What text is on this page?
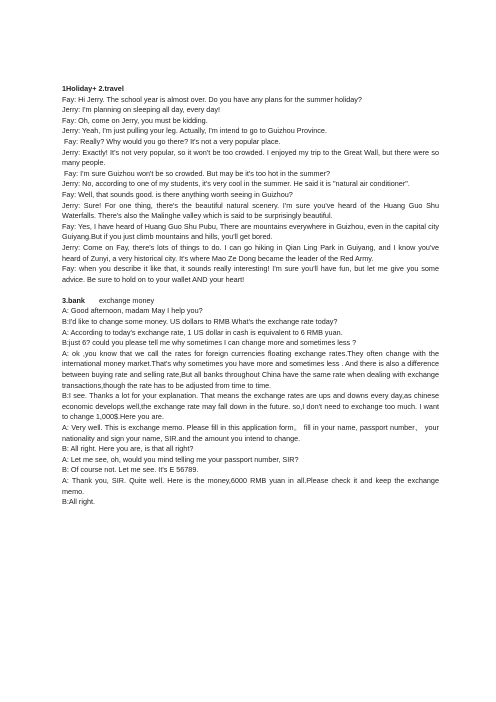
1Holiday+ 2.travel

Fay: Hi Jerry. The school year is almost over. Do you have any plans for the summer holiday?

Jerry: I'm planning on sleeping all day, every day!

Fay: Oh, come on Jerry, you must be kidding.

Jerry: Yeah, I'm just pulling your leg. Actually, I'm intend to go to Guizhou Province.

Fay: Really? Why would you go there? It's not a very popular place.

Jerry: Exactly! It's not very popular, so it won't be too crowded. I enjoyed my trip to the Great Wall, but there were so many people.

Fay: I'm sure Guizhou won't be so crowded. But may be it's too hot in the summer?

Jerry: No, according to one of my students, it's very cool in the summer. He said it is "natural air conditioner".

Fay: Well, that sounds good. is there anything worth seeing in Guizhou?

Jerry: Sure! For one thing, there's the beautiful natural scenery. I'm sure you've heard of the Huang Guo Shu Waterfalls. There's also the Malinghe valley which is said to be surprisingly beautiful.

Fay: Yes, I have heard of Huang Guo Shu Pubu, There are mountains everywhere in Guizhou, even in the capital city Guiyang.But if you just climb mountains and hills, you'll get bored.

Jerry: Come on Fay, there's lots of things to do. I can go hiking in Qian Ling Park in Guiyang, and I know you've heard of Zunyi, a very historical city. It's where Mao Ze Dong became the leader of the Red Army.

Fay: when you describe it like that, it sounds really interesting! I'm sure you'll have fun, but let me give you some advice. Be sure to hold on to your wallet AND your heart!

3.bank exchange money

A: Good afternoon, madam May I help you?

B:I'd like to change some money. US dollars to RMB What's the exchange rate today?

A: According to today's exchange rate, 1 US dollar in cash is equivalent to 6 RMB yuan.

B:just 6? could you please tell me why sometimes I can change more and sometimes less ?

A: ok ,you know that we call the rates for foreign currencies floating exchange rates.They often change with the international money market.That's why sometimes you have more and sometimes less . And there is also a difference between buying rate and selling rate,But all banks throughout China have the same rate when dealing with exchange transactions,though the rate has to be adjusted from time to time.

B:I see. Thanks a lot for your explanation. That means the exchange rates are ups and downs every day,as chinese economic develops well,the exchange rate may fall down in the future. so,I don't need to exchange too much. I want to change 1,000$.Here you are.

A: Very well. This is exchange memo. Please fill in this application form。 fill in your name, passport number、 your nationality and sign your name, SIR.and the amount you intend to change.

B: All right. Here you are, is that all right?

A: Let me see, oh, would you mind telling me your passport number, SIR?

B: Of course not. Let me see. It's E 56789.

A: Thank you, SIR. Quite well. Here is the money,6000 RMB yuan in all.Please check it and keep the exchange memo.

B:All right.
